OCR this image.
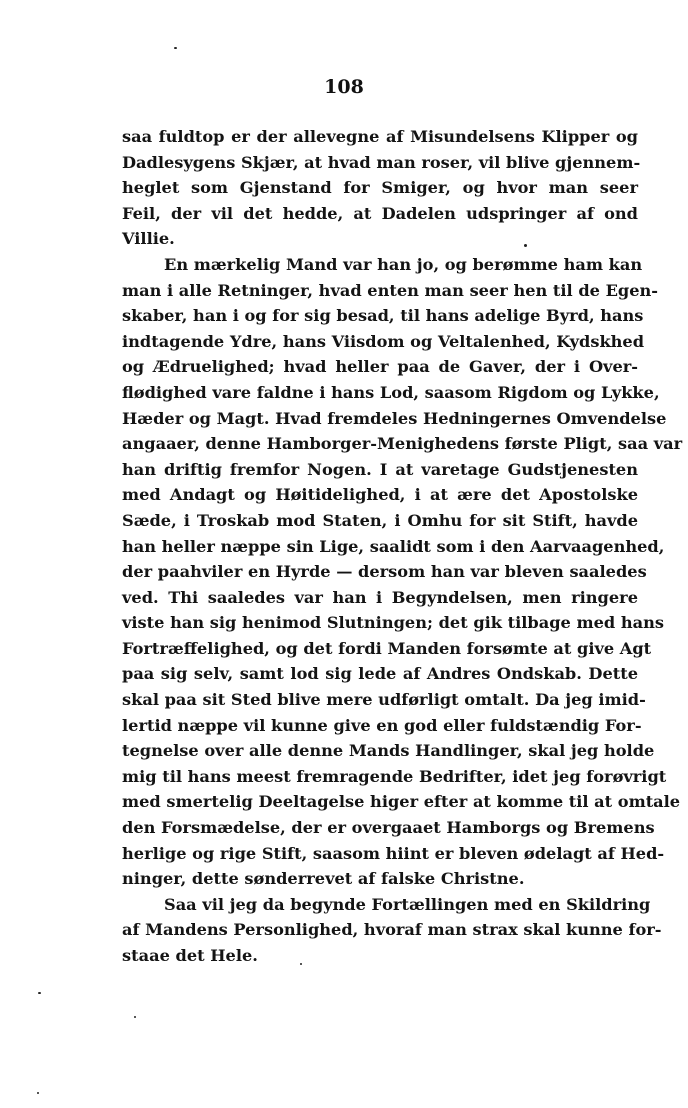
108
saa fuldtop er der allevegne af Misundelsens Klipper og
Dadlesygens Skjær, at hvad man roser, vil blive gjennem-
heglet som Gjenstand for Smiger, og hvor man seer
Feil, der vil det hedde, at Dadelen udspringer af ond
Villie.
En mærkelig Mand var han jo, og berømme ham kan
man i alle Retninger, hvad enten man seer hen til de Egen-
skaber, han i og for sig besad, til hans adelige Byrd, hans
indtagende Ydre, hans Viisdom og Veltalenhed, Kydskhed
og Ædruelighed; hvad heller paa de Gaver, der i Over-
flødighed vare faldne i hans Lod, saasom Rigdom og Lykke,
Hæder og Magt. Hvad fremdeles Hedningernes Omvendelse
angaaer, denne Hamborger-Menighedens første Pligt, saa var
han driftig fremfor Nogen. I at varetage Gudstjenesten
med Andagt og Høitidelighed, i at ære det Apostolske
Sæde, i Troskab mod Staten, i Omhu for sit Stift, havde
han heller næppe sin Lige, saalidt som i den Aarvaagenhed,
der paahviler en Hyrde — dersom han var bleven saaledes
ved. Thi saaledes var han i Begyndelsen, men ringere
viste han sig henimod Slutningen; det gik tilbage med hans
Fortræffelighed, og det fordi Manden forsømte at give Agt
paa sig selv, samt lod sig lede af Andres Ondskab. Dette
skal paa sit Sted blive mere udførligt omtalt. Da jeg imid-
lertid næppe vil kunne give en god eller fuldstændig For-
tegnelse over alle denne Mands Handlinger, skal jeg holde
mig til hans meest fremragende Bedrifter, idet jeg forøvrigt
med smertelig Deeltagelse higer efter at komme til at omtale
den Forsmædelse, der er overgaaet Hamborgs og Bremens
herlige og rige Stift, saasom hiint er bleven ødelagt af Hed-
ninger, dette sønderrevet af falske Christne.
Saa vil jeg da begynde Fortællingen med en Skildring
af Mandens Personlighed, hvoraf man strax skal kunne for-
staae det Hele.
